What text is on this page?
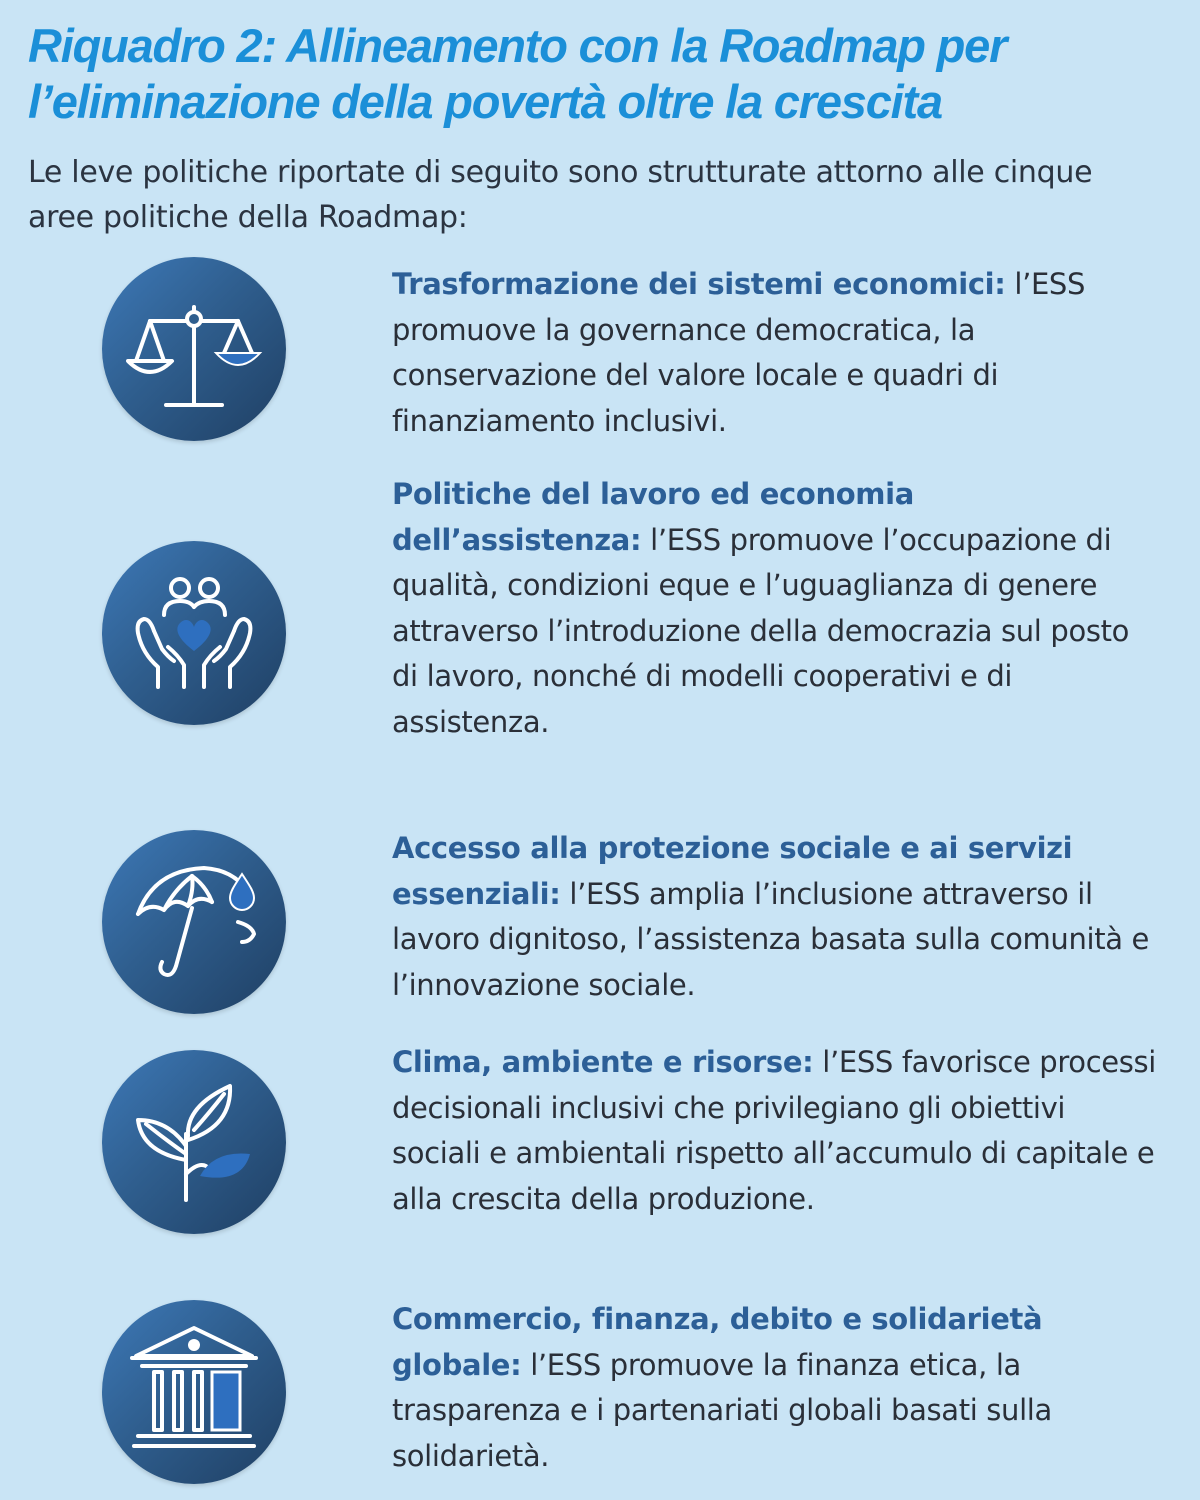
Riquadro 2: Allineamento con la Roadmap per l’eliminazione della povertà oltre la crescita

Le leve politiche riportate di seguito sono strutturate attorno alle cinque aree politiche della Roadmap:

Trasformazione dei sistemi economici: l’ESS promuove la governance democratica, la conservazione del valore locale e quadri di finanziamento inclusivi.

Politiche del lavoro ed economia dell’assistenza: l’ESS promuove l’occupazione di qualità, condizioni eque e l’uguaglianza di genere attraverso l’introduzione della democrazia sul posto di lavoro, nonché di modelli cooperativi e di assistenza.

Accesso alla protezione sociale e ai servizi essenziali: l’ESS amplia l’inclusione attraverso il lavoro dignitoso, l’assistenza basata sulla comunità e l’innovazione sociale.

Clima, ambiente e risorse: l’ESS favorisce processi decisionali inclusivi che privilegiano gli obiettivi sociali e ambientali rispetto all’accumulo di capitale e alla crescita della produzione.

Commercio, finanza, debito e solidarietà globale: l’ESS promuove la finanza etica, la trasparenza e i partenariati globali basati sulla solidarietà.
